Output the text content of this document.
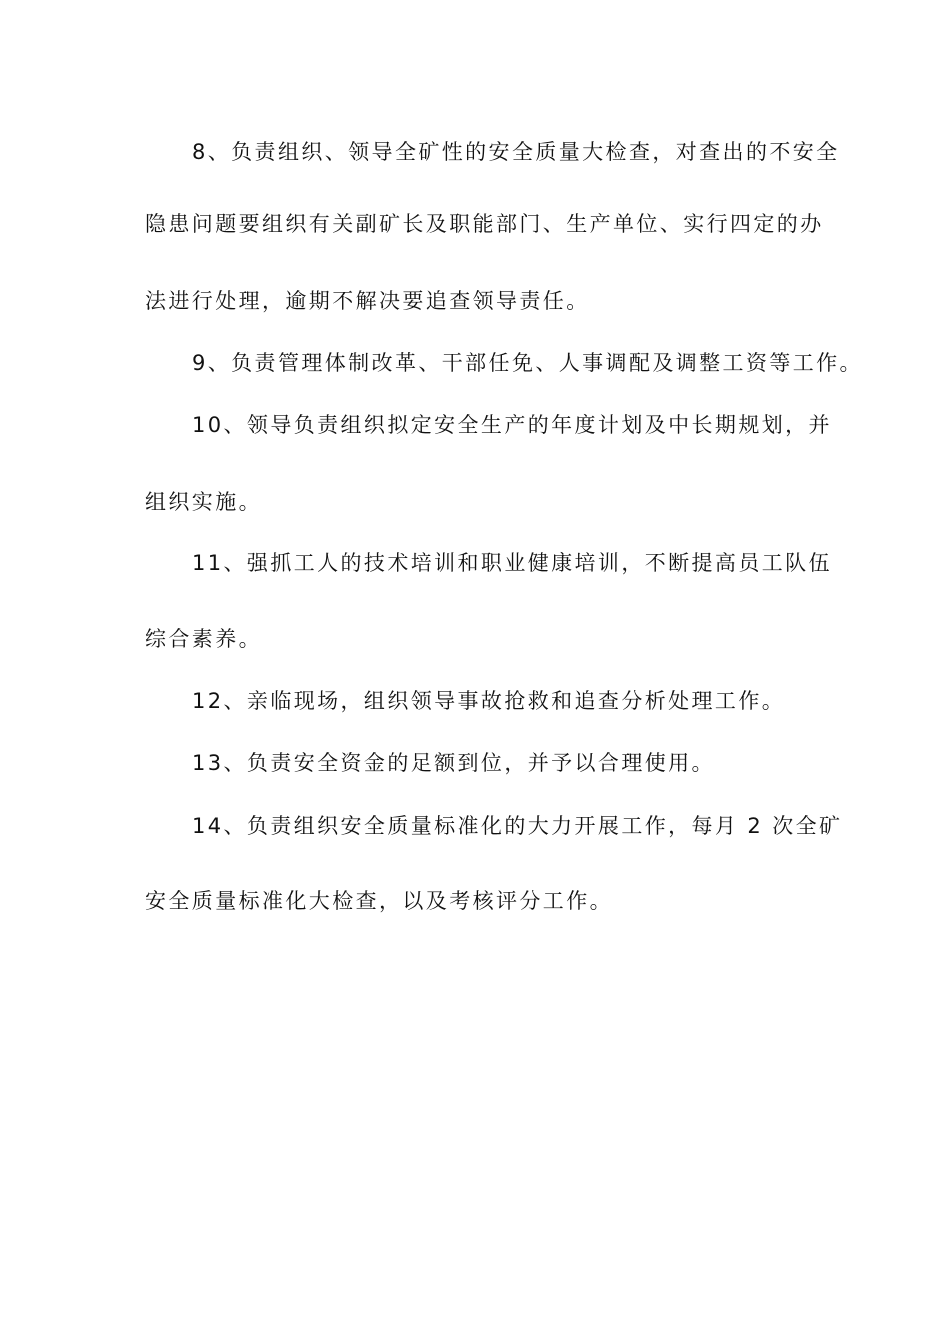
8、负责组织、领导全矿性的安全质量大检查，对查出的不安全
隐患问题要组织有关副矿长及职能部门、生产单位、实行四定的办
法进行处理，逾期不解决要追查领导责任。
9、负责管理体制改革、干部任免、人事调配及调整工资等工作。
10、领导负责组织拟定安全生产的年度计划及中长期规划，并
组织实施。
11、强抓工人的技术培训和职业健康培训，不断提高员工队伍
综合素养。
12、亲临现场，组织领导事故抢救和追查分析处理工作。
13、负责安全资金的足额到位，并予以合理使用。
14、负责组织安全质量标准化的大力开展工作，每月 2 次全矿
安全质量标准化大检查，以及考核评分工作。
